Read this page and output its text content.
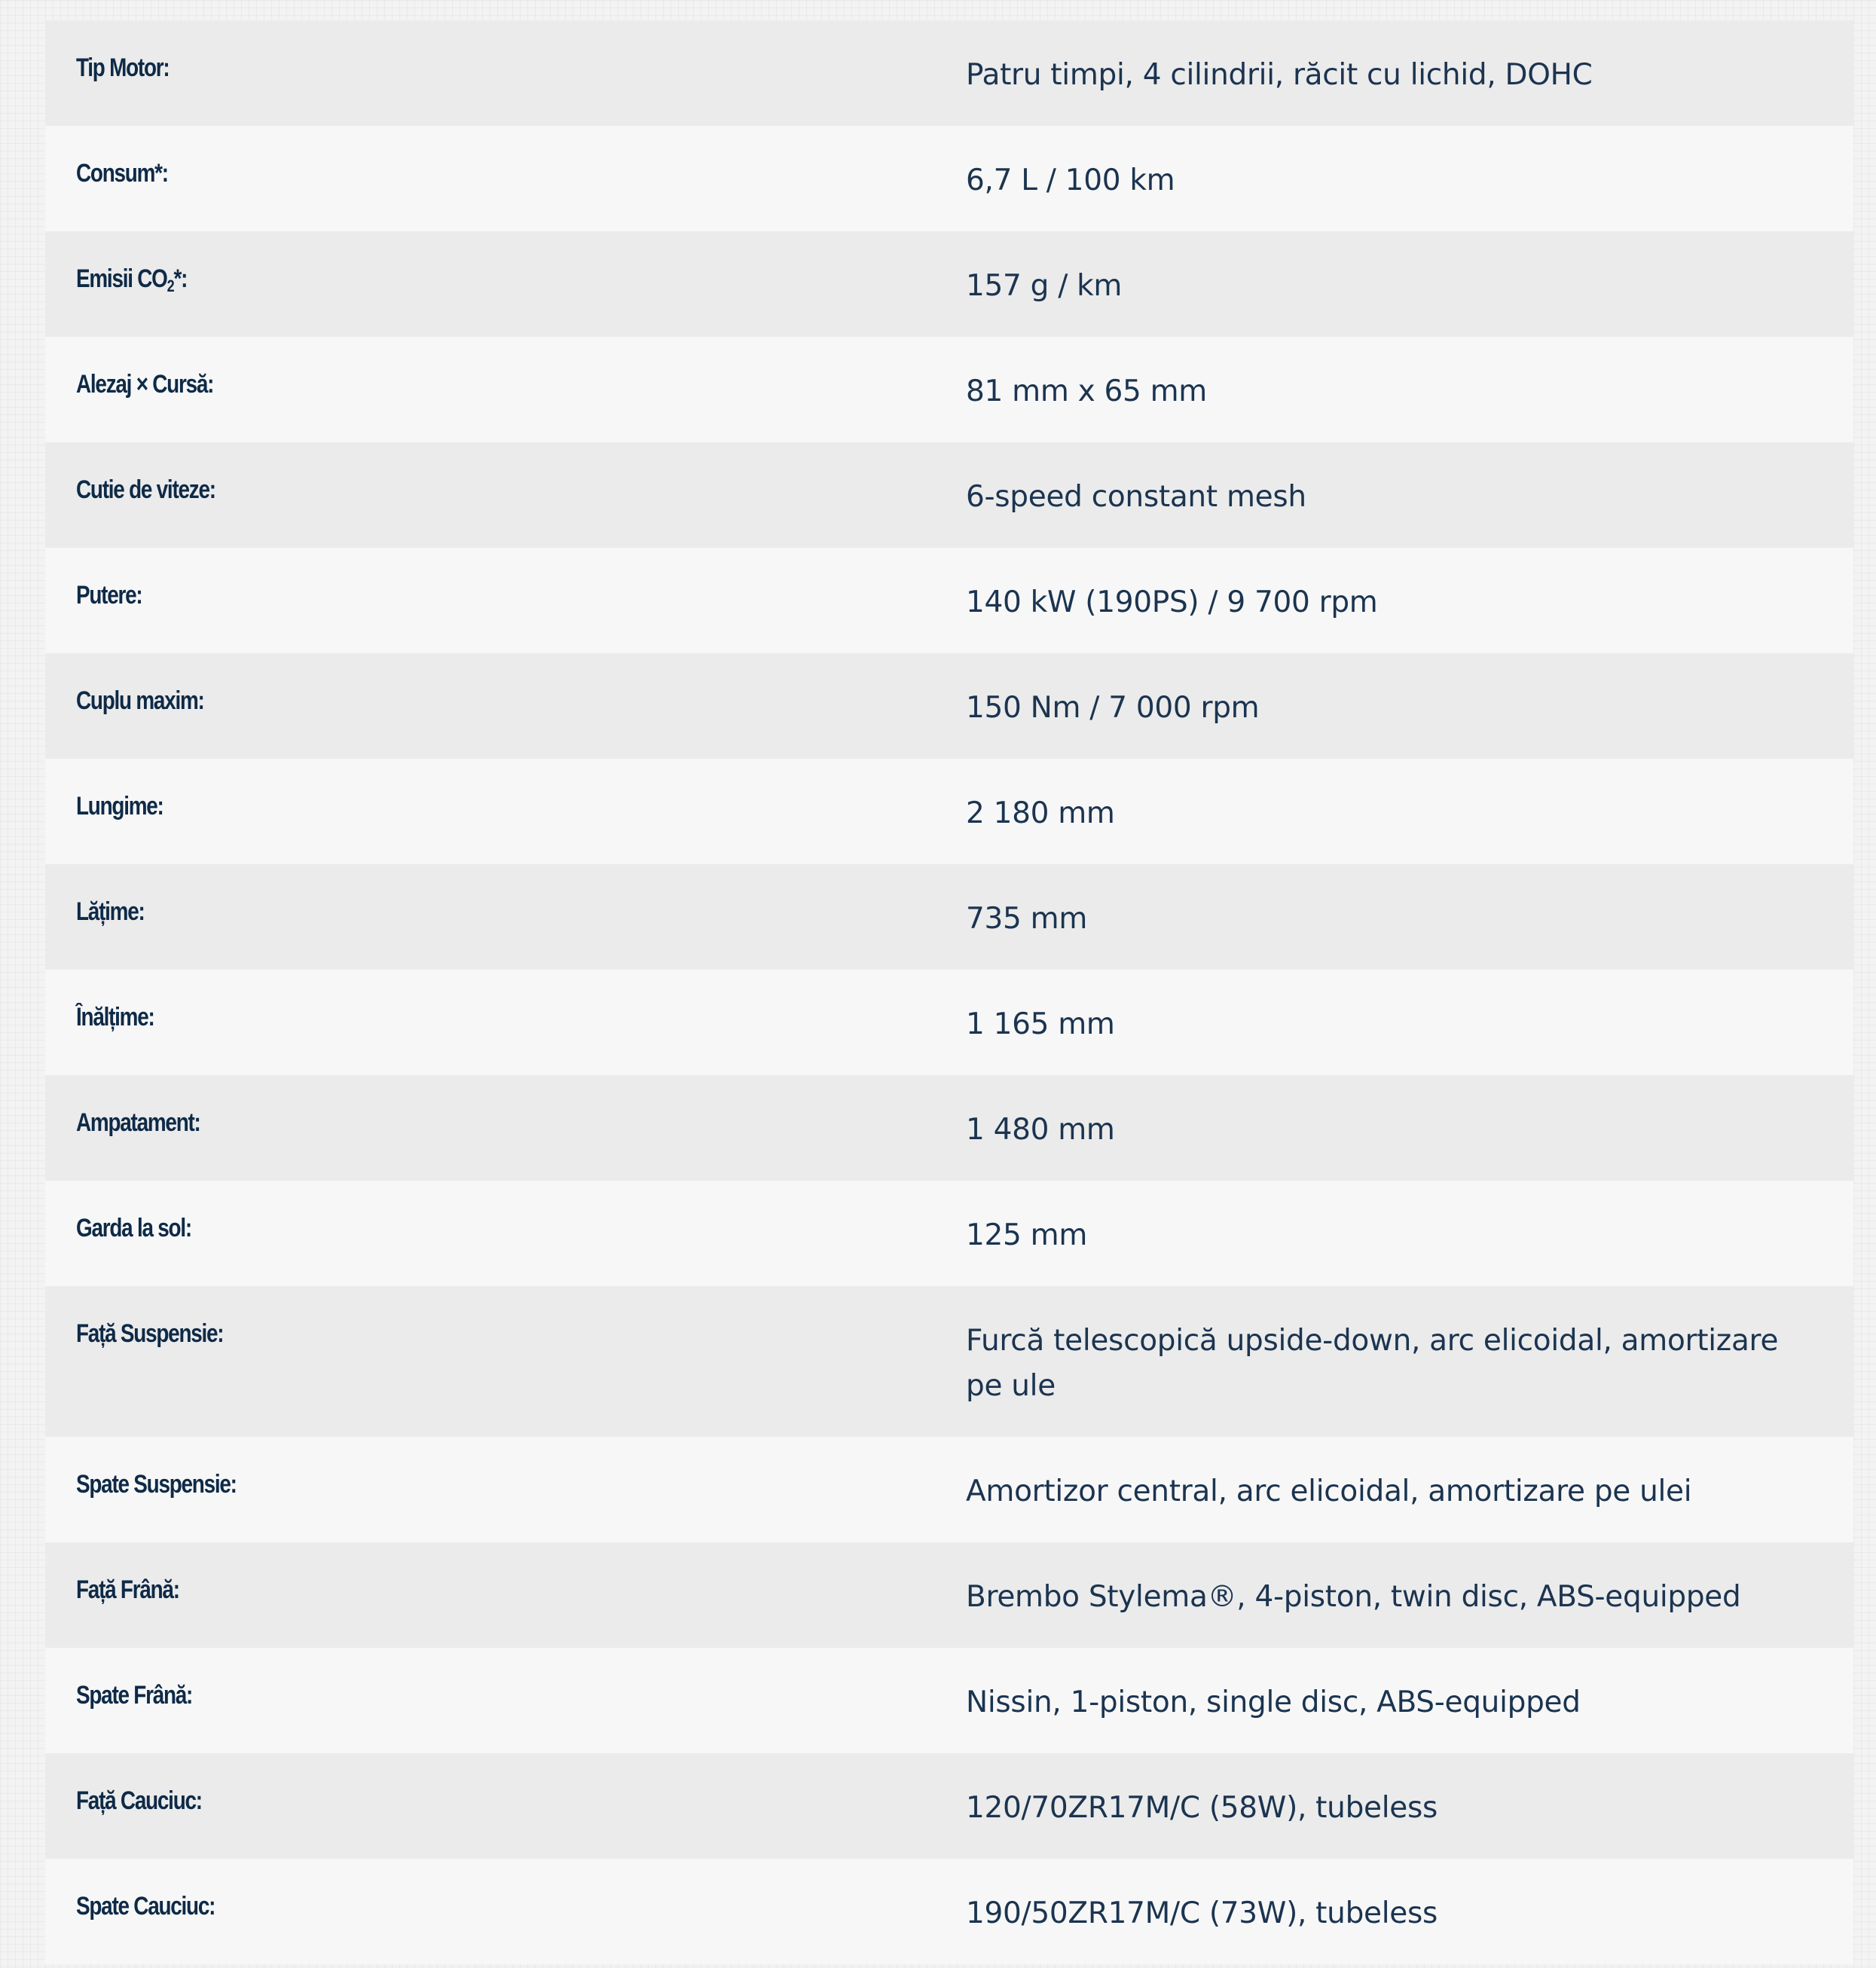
Tip Motor:	Patru timpi, 4 cilindrii, răcit cu lichid, DOHC
Consum*:	6,7 L / 100 km
Emisii $CO_2*$:	157 g / km
Alezaj × Cursă:	81 mm x 65 mm
Cutie de viteze:	6-speed constant mesh
Putere:	140 kW (190PS) / 9 700 rpm
Cuplu maxim:	150 Nm / 7 000 rpm
Lungime:	2 180 mm
Lățime:	735 mm
Înălțime:	1 165 mm
Ampatament:	1 480 mm
Garda la sol:	125 mm
Față Suspensie:	Furcă telescopică upside-down, arc elicoidal, amortizare pe ule
Spate Suspensie:	Amortizor central, arc elicoidal, amortizare pe ulei
Față Frână:	Brembo Stylema®, 4-piston, twin disc, ABS-equipped
Spate Frână:	Nissin, 1-piston, single disc, ABS-equipped
Față Cauciuc:	120/70ZR17M/C (58W), tubeless
Spate Cauciuc:	190/50ZR17M/C (73W), tubeless
